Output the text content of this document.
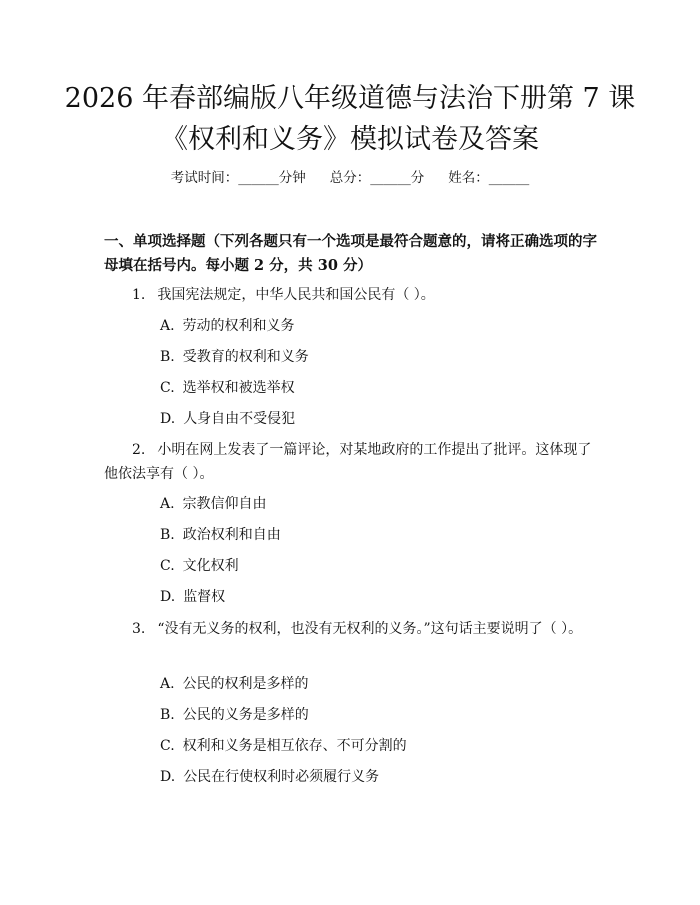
2026 年春部编版八年级道德与法治下册第 7 课《权利和义务》模拟试卷及答案
考试时间：______分钟 总分：______分 姓名：______
一、单项选择题（下列各题只有一个选项是最符合题意的，请将正确选项的字母填在括号内。每小题 2 分，共 30 分）
1. 我国宪法规定，中华人民共和国公民有（ ）。
A. 劳动的权利和义务
B. 受教育的权利和义务
C. 选举权和被选举权
D. 人身自由不受侵犯
2. 小明在网上发表了一篇评论，对某地政府的工作提出了批评。这体现了他依法享有（ ）。
A. 宗教信仰自由
B. 政治权利和自由
C. 文化权利
D. 监督权
3. “没有无义务的权利，也没有无权利的义务。”这句话主要说明了（ ）。
A. 公民的权利是多样的
B. 公民的义务是多样的
C. 权利和义务是相互依存、不可分割的
D. 公民在行使权利时必须履行义务
